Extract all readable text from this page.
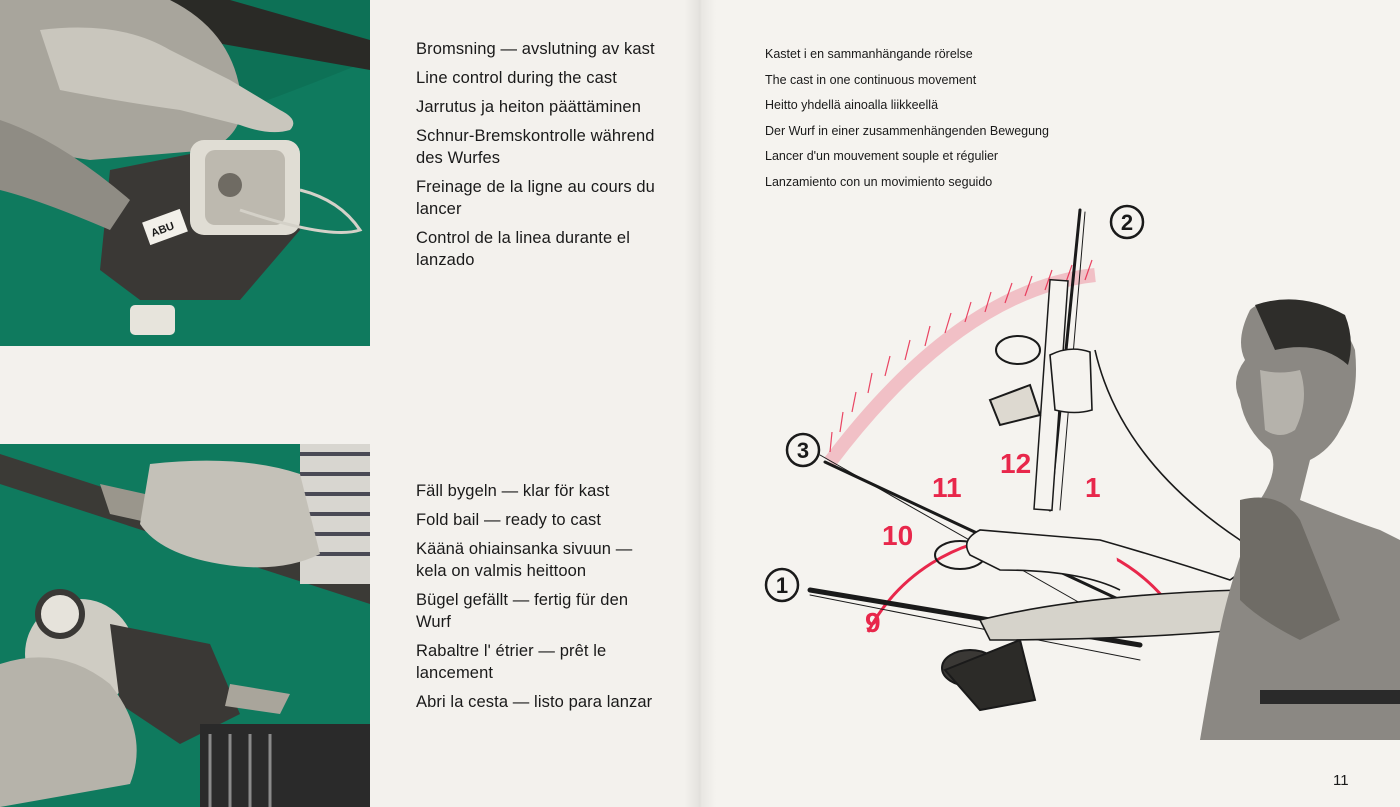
ABU

Bromsning — avslutning av kast

Line control during the cast

Jarrutus ja heiton päättäminen

Schnur-Bremskontrolle während des Wurfes

Freinage de la ligne au cours du lancer

Control de la linea durante el lanzado

Fäll bygeln — klar för kast

Fold bail — ready to cast

Käänä ohiainsanka sivuun — kela on valmis heittoon

Bügel gefällt — fertig für den Wurf

Rabaltre l' étrier — prêt le lancement

Abri la cesta — listo para lanzar

Kastet i en sammanhängande rörelse

The cast in one continuous movement

Heitto yhdellä ainoalla liikkeellä

Der Wurf in einer zusammenhängenden Bewegung

Lancer d'un mouvement souple et régulier

Lanzamiento con un movimiento seguido

9
10
11
12
1
1
2
3
11
